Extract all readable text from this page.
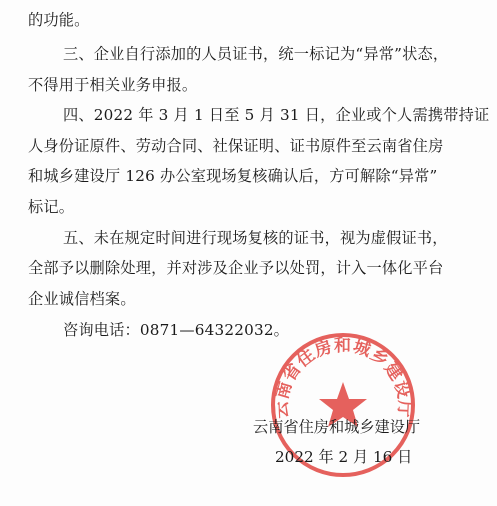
的功能。
三、企业自行添加的人员证书，统一标记为“异常”状态，
不得用于相关业务申报。
四、2022 年 3 月 1 日至 5 月 31 日，企业或个人需携带持证
人身份证原件、劳动合同、社保证明、证书原件至云南省住房
和城乡建设厅 126 办公室现场复核确认后，方可解除“异常”
标记。
五、未在规定时间进行现场复核的证书，视为虚假证书，
全部予以删除处理，并对涉及企业予以处罚，计入一体化平台
企业诚信档案。
咨询电话：0871—64322032。
云南省住房和城乡建设厅
云南省住房和城乡建设厅
2022 年 2 月 16 日
